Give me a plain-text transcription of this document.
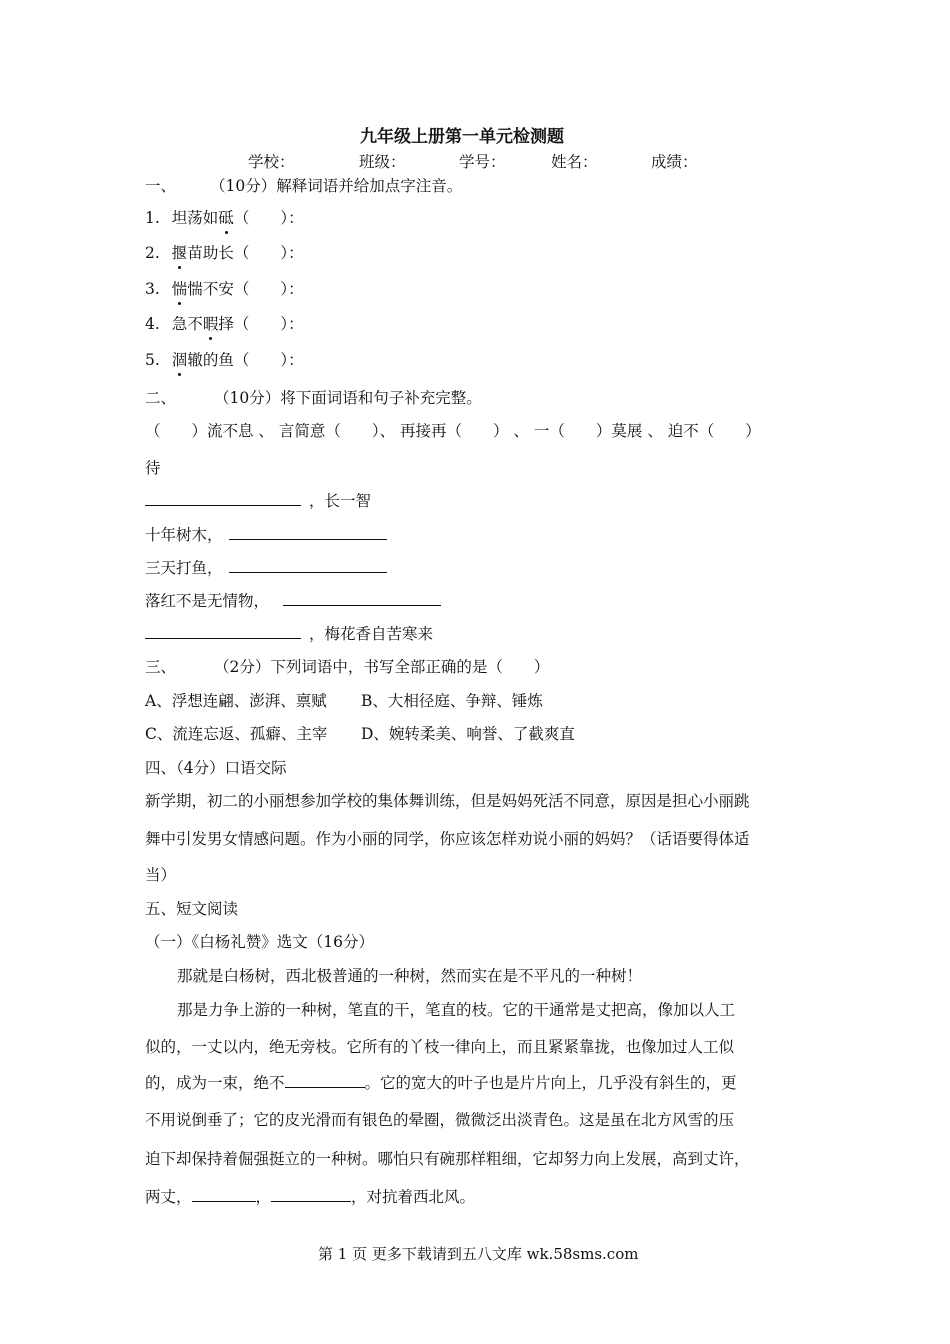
九年级上册第一单元检测题
学校：	班级：	学号：	姓名：	成绩：
一、 （10分）解释词语并给加点字注音。
1. 坦荡如砥（　　）：
2. 揠苗助长（　　）：
3. 惴惴不安（　　）：
4. 急不暇择（　　）：
5. 涸辙的鱼（　　）：
二、 （10分）将下面词语和句子补充完整。
（　　）流不息 、 言简意（　　）、 再接再（　　） 、 一（　　）莫展 、 迫不（　　）
待
，长一智
十年树木，
三天打鱼，
落红不是无情物，
，梅花香自苦寒来
三、 （2分）下列词语中，书写全部正确的是（　　）
A、浮想连翩、澎湃、禀赋 B、大相径庭、争辩、锤炼
C、流连忘返、孤癖、主宰 D、婉转柔美、响誉、了截爽直
四、（4分）口语交际
新学期，初二的小丽想参加学校的集体舞训练，但是妈妈死活不同意，原因是担心小丽跳
舞中引发男女情感问题。作为小丽的同学，你应该怎样劝说小丽的妈妈？（话语要得体适
当）
五、短文阅读
（一）《白杨礼赞》选文（16分）
那就是白杨树，西北极普通的一种树，然而实在是不平凡的一种树！
那是力争上游的一种树，笔直的干，笔直的枝。它的干通常是丈把高，像加以人工
似的，一丈以内，绝无旁枝。它所有的丫枝一律向上，而且紧紧靠拢，也像加过人工似
的，成为一束，绝不	。它的宽大的叶子也是片片向上，几乎没有斜生的，更
不用说倒垂了；它的皮光滑而有银色的晕圈，微微泛出淡青色。这是虽在北方风雪的压
迫下却保持着倔强挺立的一种树。哪怕只有碗那样粗细，它却努力向上发展，高到丈许，
两丈，	，	，对抗着西北风。
第 1 页 更多下载请到五八文库 wk.58sms.com
